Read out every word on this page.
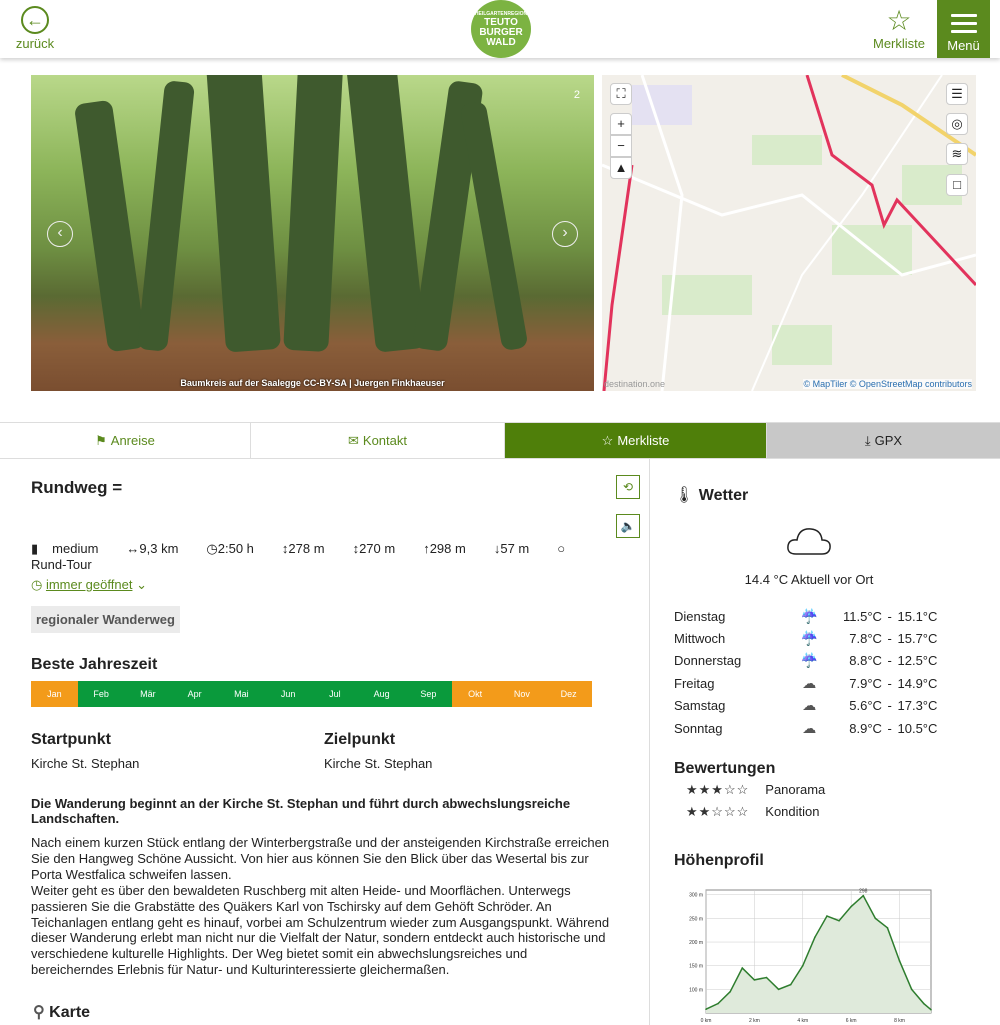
←
zurück
HEILGARTENREGION
TEUTO
BURGER
WALD
☆
Merkliste	Menü
2
‹	›
Baumkreis auf der Saalegge CC-BY-SA | Juergen Finkhaeuser
⛶
+
−
▲
☰
◎
≋
□
destination.one	© MapTiler © OpenStreetMap contributors
⚑ Anreise	✉ Kontakt	☆ Merkliste	⤓ GPX
Rundweg =	⟲
🔈
▮ medium ↔9,3 km ◷2:50 h ↕278 m ↕270 m ↑298 m ↓57 m ○ Rund-Tour
◷ immer geöffnet ⌄
regionaler Wanderweg
Beste Jahreszeit
Jan	Feb	Mär	Apr	Mai	Jun	Jul	Aug	Sep	Okt	Nov	Dez
Startpunkt
Kirche St. Stephan
Zielpunkt
Kirche St. Stephan
Die Wanderung beginnt an der Kirche St. Stephan und führt durch abwechslungsreiche Landschaften.
Nach einem kurzen Stück entlang der Winterbergstraße und der ansteigenden Kirchstraße erreichen Sie den Hangweg Schöne Aussicht. Von hier aus können Sie den Blick über das Wesertal bis zur Porta Westfalica schweifen lassen.
Weiter geht es über den bewaldeten Ruschberg mit alten Heide- und Moorflächen. Unterwegs passieren Sie die Grabstätte des Quäkers Karl von Tschirsky auf dem Gehöft Schröder. An Teichanlagen entlang geht es hinauf, vorbei am Schulzentrum wieder zum Ausgangspunkt. Während dieser Wanderung erlebt man nicht nur die Vielfalt der Natur, sondern entdeckt auch historische und verschiedene kulturelle Highlights. Der Weg bietet somit ein abwechslungsreiches und bereicherndes Erlebnis für Natur- und Kulturinteressierte gleichermaßen.
⚲ Karte
🌡 Wetter
14.4 °C Aktuell vor Ort
Dienstag	☔	11.5°C	-	15.1°C
Mittwoch	☔	7.8°C	-	15.7°C
Donnerstag	☔	8.8°C	-	12.5°C
Freitag	☁	7.9°C	-	14.9°C
Samstag	☁	5.6°C	-	17.3°C
Sonntag	☁	8.9°C	-	10.5°C
Bewertungen
★★★☆☆ Panorama
★★☆☆☆ Kondition
Höhenprofil
100 m
150 m
200 m
250 m
300 m
0 km	2 km	4 km	6 km	8 km
298
